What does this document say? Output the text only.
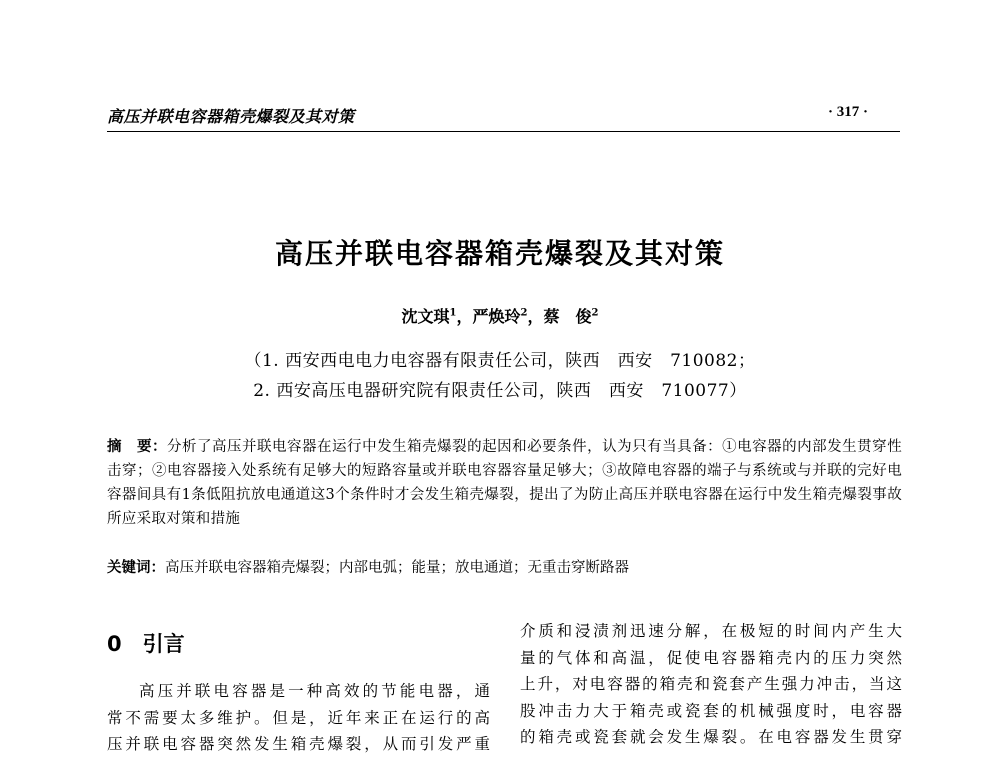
高压并联电容器箱壳爆裂及其对策	· 317 ·
高压并联电容器箱壳爆裂及其对策
沈文琪$^1$，严焕玲$^2$，蔡　俊$^2$
（1. 西安西电电力电容器有限责任公司，陕西　西安　710082；
2. 西安高压电器研究院有限责任公司，陕西　西安　710077）
摘　要：分析了高压并联电容器在运行中发生箱壳爆裂的起因和必要条件，认为只有当具备：①电容器的内部发生贯穿性击穿；②电容器接入处系统有足够大的短路容量或并联电容器容量足够大；③故障电容器的端子与系统或与并联的完好电容器间具有1条低阻抗放电通道这3个条件时才会发生箱壳爆裂，提出了为防止高压并联电容器在运行中发生箱壳爆裂事故所应采取对策和措施
关键词：高压并联电容器箱壳爆裂；内部电弧；能量；放电通道；无重击穿断路器
0　引言
高压并联电容器是一种高效的节能电器，通
常不需要太多维护。但是，近年来正在运行的高
压并联电容器突然发生箱壳爆裂，从而引发严重
介质和浸渍剂迅速分解，在极短的时间内产生大
量的气体和高温，促使电容器箱壳内的压力突然
上升，对电容器的箱壳和瓷套产生强力冲击，当这
股冲击力大于箱壳或瓷套的机械强度时，电容器
的箱壳或瓷套就会发生爆裂。在电容器发生贯穿
